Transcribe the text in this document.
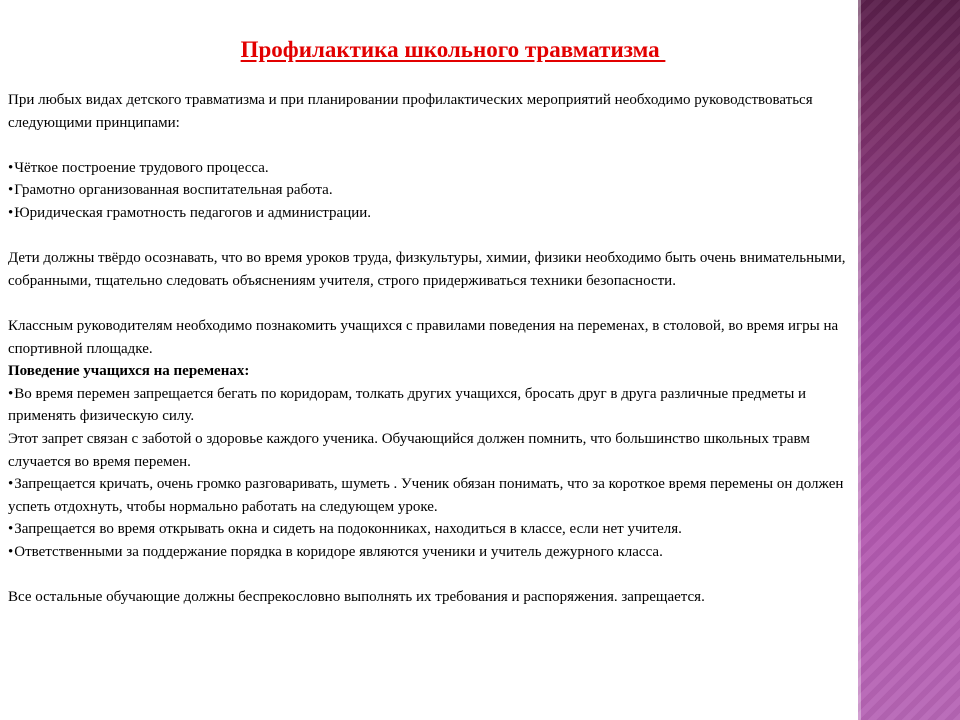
Профилактика школьного травматизма

При любых видах детского травматизма и при планировании профилактических мероприятий необходимо руководствоваться следующими принципами:

•Чёткое построение трудового процесса.

•Грамотно организованная воспитательная работа.

•Юридическая грамотность педагогов и администрации.

Дети должны твёрдо осознавать, что во время уроков труда, физкультуры, химии, физики необходимо быть очень внимательными, собранными, тщательно следовать объяснениям учителя, строго придерживаться техники безопасности.

Классным руководителям необходимо познакомить учащихся с правилами поведения на переменах, в столовой, во время игры на спортивной площадке.

Поведение учащихся на переменах:

•Во время перемен запрещается бегать по коридорам, толкать других учащихся, бросать друг в друга различные предметы и применять физическую силу.

Этот запрет связан с заботой о здоровье каждого ученика. Обучающийся должен помнить, что большинство школьных травм случается во время перемен.

•Запрещается кричать, очень громко разговаривать, шуметь . Ученик обязан понимать, что за короткое время перемены он должен успеть отдохнуть, чтобы нормально работать на следующем уроке.

•Запрещается во время открывать окна и сидеть на подоконниках, находиться в классе, если нет учителя.

•Ответственными за поддержание порядка в коридоре являются ученики и учитель дежурного класса.

Все остальные обучающие должны беспрекословно выполнять их требования и распоряжения. запрещается.
